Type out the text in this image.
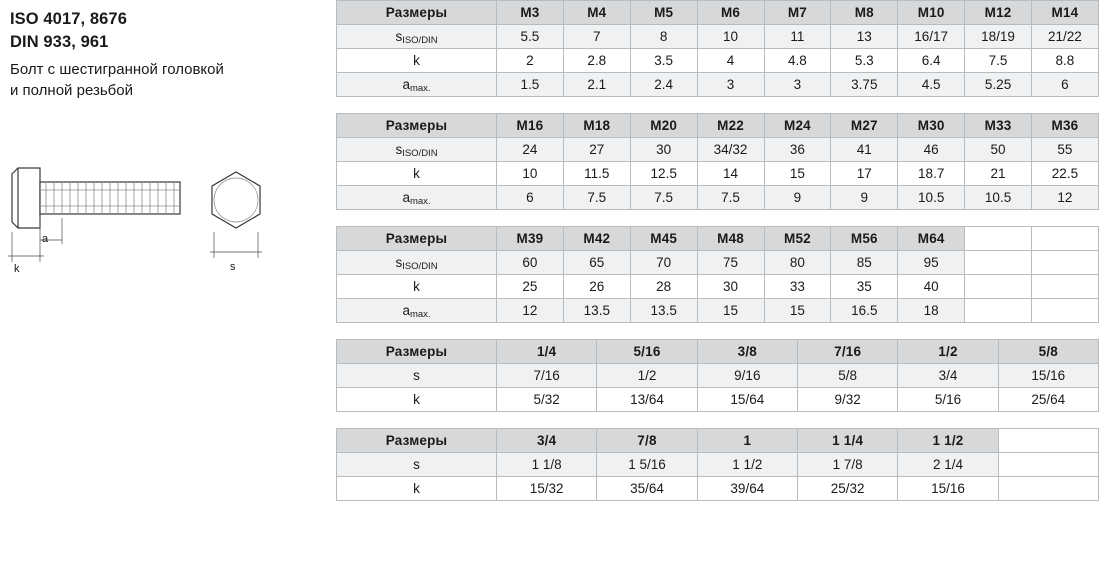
ISO 4017, 8676
DIN 933, 961
Болт с шестигранной головкой
и полной резьбой
a
k	s
Размеры	M3	M4	M5	M6	M7	M8	M10	M12	M14
sISO/DIN	5.5	7	8	10	11	13	16/17	18/19	21/22
k	2	2.8	3.5	4	4.8	5.3	6.4	7.5	8.8
amax.	1.5	2.1	2.4	3	3	3.75	4.5	5.25	6
Размеры	M16	M18	M20	M22	M24	M27	M30	M33	M36
sISO/DIN	24	27	30	34/32	36	41	46	50	55
k	10	11.5	12.5	14	15	17	18.7	21	22.5
amax.	6	7.5	7.5	7.5	9	9	10.5	10.5	12
Размеры	M39	M42	M45	M48	M52	M56	M64		
sISO/DIN	60	65	70	75	80	85	95		
k	25	26	28	30	33	35	40		
amax.	12	13.5	13.5	15	15	16.5	18		
Размеры	1/4	5/16	3/8	7/16	1/2	5/8
s	7/16	1/2	9/16	5/8	3/4	15/16
k	5/32	13/64	15/64	9/32	5/16	25/64
Размеры	3/4	7/8	1	1 1/4	1 1/2	
s	1 1/8	1 5/16	1 1/2	1 7/8	2 1/4	
k	15/32	35/64	39/64	25/32	15/16	
